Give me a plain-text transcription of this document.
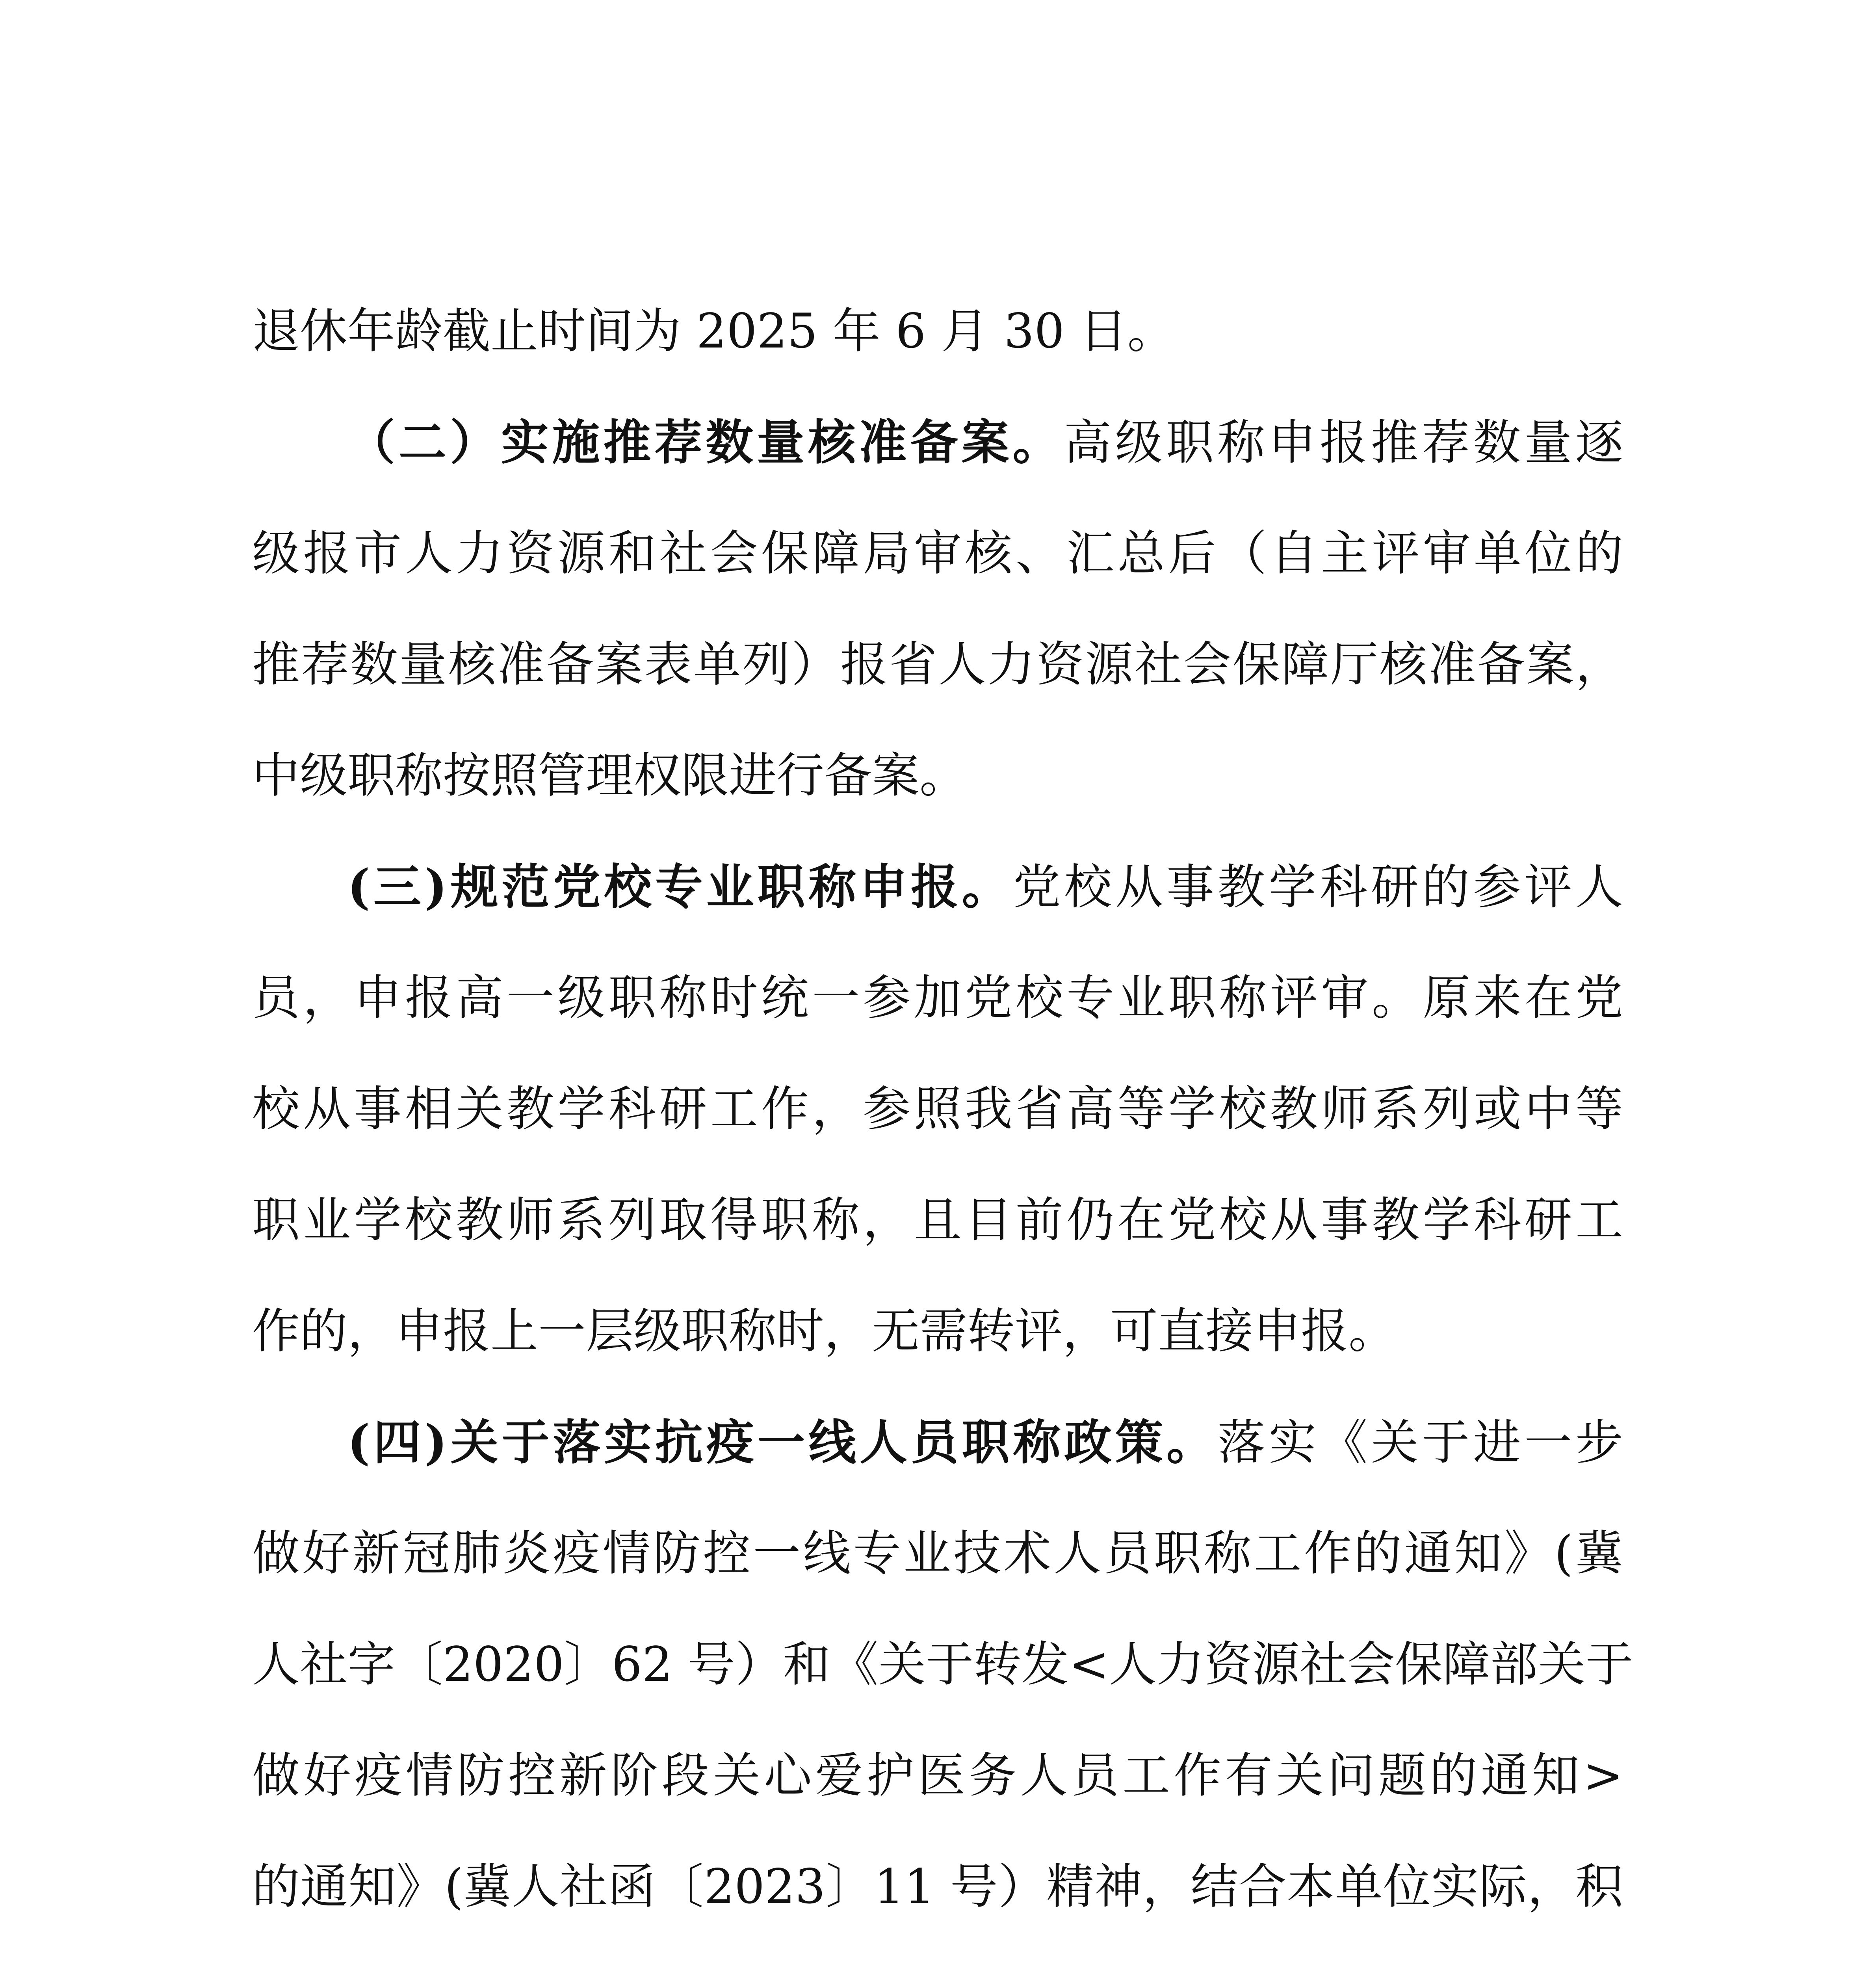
退休年龄截止时间为 2025 年 6 月 30 日。
（二）实施推荐数量核准备案。高级职称申报推荐数量逐
级报市人力资源和社会保障局审核、汇总后（自主评审单位的
推荐数量核准备案表单列）报省人力资源社会保障厅核准备案，
中级职称按照管理权限进行备案。
(三)规范党校专业职称申报。党校从事教学科研的参评人
员，申报高一级职称时统一参加党校专业职称评审。原来在党
校从事相关教学科研工作，参照我省高等学校教师系列或中等
职业学校教师系列取得职称，且目前仍在党校从事教学科研工
作的，申报上一层级职称时，无需转评，可直接申报。
(四)关于落实抗疫一线人员职称政策。落实《关于进一步
做好新冠肺炎疫情防控一线专业技术人员职称工作的通知》(冀
人社字〔2020〕62 号）和《关于转发<人力资源社会保障部关于
做好疫情防控新阶段关心爱护医务人员工作有关问题的通知>
的通知》(冀人社函〔2023〕11 号）精神，结合本单位实际，积
